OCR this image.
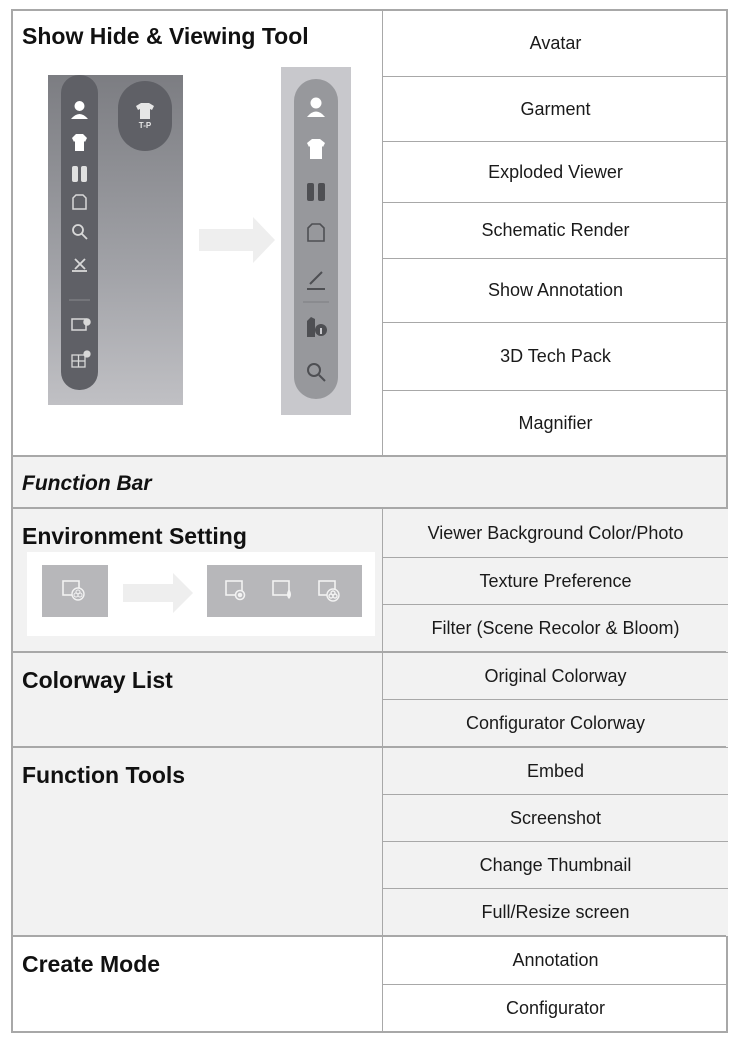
Show Hide & Viewing Tool
T-P
Avatar
Garment
Exploded Viewer
Schematic Render
Show Annotation
3D Tech Pack
Magnifier
Function Bar
Environment Setting	Viewer Background Color/Photo
Texture Preference
Filter (Scene Recolor & Bloom)
Colorway List	Original Colorway
Configurator Colorway
Function Tools	Embed
Screenshot
Change Thumbnail
Full/Resize screen
Create Mode	Annotation
Configurator
